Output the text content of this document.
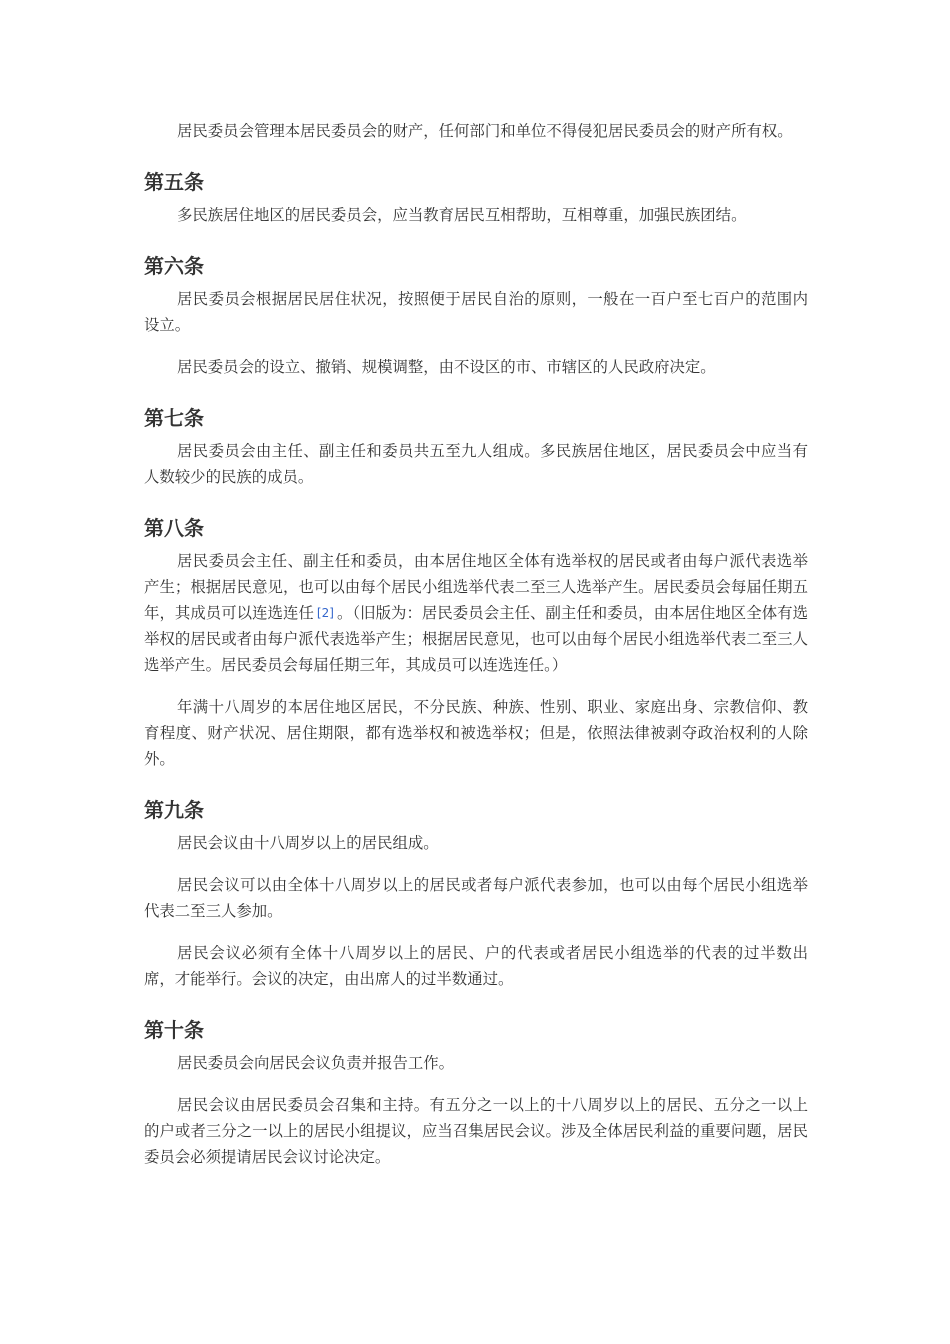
居民委员会管理本居民委员会的财产，任何部门和单位不得侵犯居民委员会的财产所有权。

第五条

多民族居住地区的居民委员会，应当教育居民互相帮助，互相尊重，加强民族团结。

第六条

居民委员会根据居民居住状况，按照便于居民自治的原则，一般在一百户至七百户的范围内设立。

居民委员会的设立、撤销、规模调整，由不设区的市、市辖区的人民政府决定。

第七条

居民委员会由主任、副主任和委员共五至九人组成。多民族居住地区，居民委员会中应当有人数较少的民族的成员。

第八条

居民委员会主任、副主任和委员，由本居住地区全体有选举权的居民或者由每户派代表选举产生；根据居民意见，也可以由每个居民小组选举代表二至三人选举产生。居民委员会每届任期五年，其成员可以连选连任 [2] 。（旧版为：居民委员会主任、副主任和委员，由本居住地区全体有选举权的居民或者由每户派代表选举产生；根据居民意见，也可以由每个居民小组选举代表二至三人选举产生。居民委员会每届任期三年，其成员可以连选连任。）

年满十八周岁的本居住地区居民，不分民族、种族、性别、职业、家庭出身、宗教信仰、教育程度、财产状况、居住期限，都有选举权和被选举权；但是，依照法律被剥夺政治权利的人除外。

第九条

居民会议由十八周岁以上的居民组成。

居民会议可以由全体十八周岁以上的居民或者每户派代表参加，也可以由每个居民小组选举代表二至三人参加。

居民会议必须有全体十八周岁以上的居民、户的代表或者居民小组选举的代表的过半数出席，才能举行。会议的决定，由出席人的过半数通过。

第十条

居民委员会向居民会议负责并报告工作。

居民会议由居民委员会召集和主持。有五分之一以上的十八周岁以上的居民、五分之一以上的户或者三分之一以上的居民小组提议，应当召集居民会议。涉及全体居民利益的重要问题，居民委员会必须提请居民会议讨论决定。
